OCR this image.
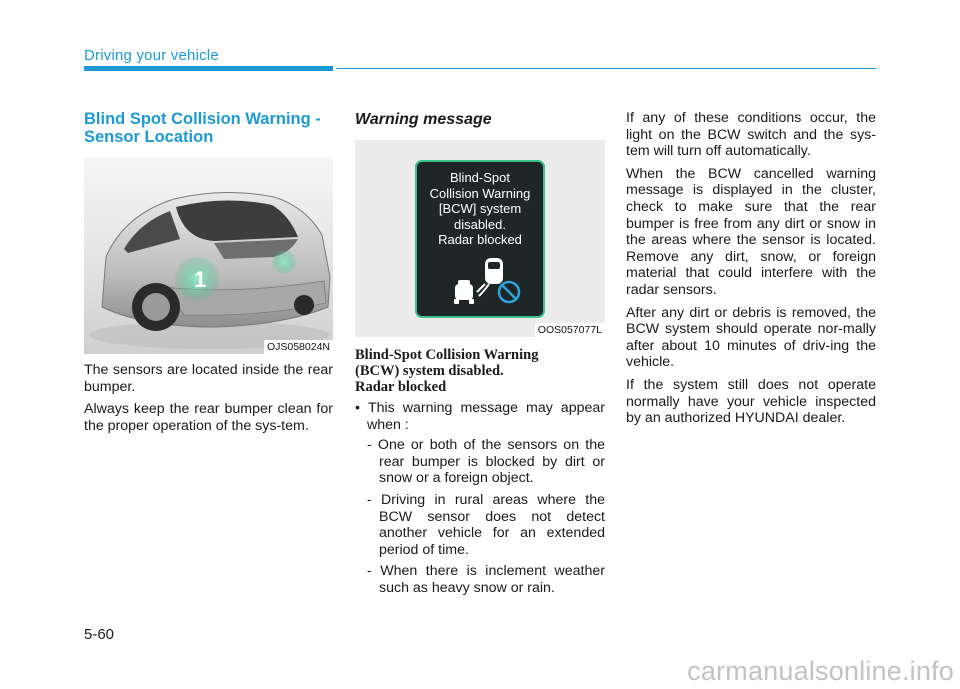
Driving your vehicle
Blind Spot Collision Warning -
Sensor Location
1
OJS058024N

The sensors are located inside the rear bumper.

Always keep the rear bumper clean for the proper operation of the sys-tem.

Warning message
Blind-Spot
Collision Warning
[BCW] system
disabled.
Radar blocked
OOS057077L
Blind-Spot Collision Warning
(BCW) system disabled.
Radar blocked
• This warning message may appear when :
- One or both of the sensors on the rear bumper is blocked by dirt or snow or a foreign object.
- Driving in rural areas where the BCW sensor does not detect another vehicle for an extended period of time.
- When there is inclement weather such as heavy snow or rain.

If any of these conditions occur, the light on the BCW switch and the sys-tem will turn off automatically.

When the BCW cancelled warning message is displayed in the cluster, check to make sure that the rear bumper is free from any dirt or snow in the areas where the sensor is located. Remove any dirt, snow, or foreign material that could interfere with the radar sensors.

After any dirt or debris is removed, the BCW system should operate nor-mally after about 10 minutes of driv-ing the vehicle.

If the system still does not operate normally have your vehicle inspected by an authorized HYUNDAI dealer.

5-60
carmanualsonline.info
